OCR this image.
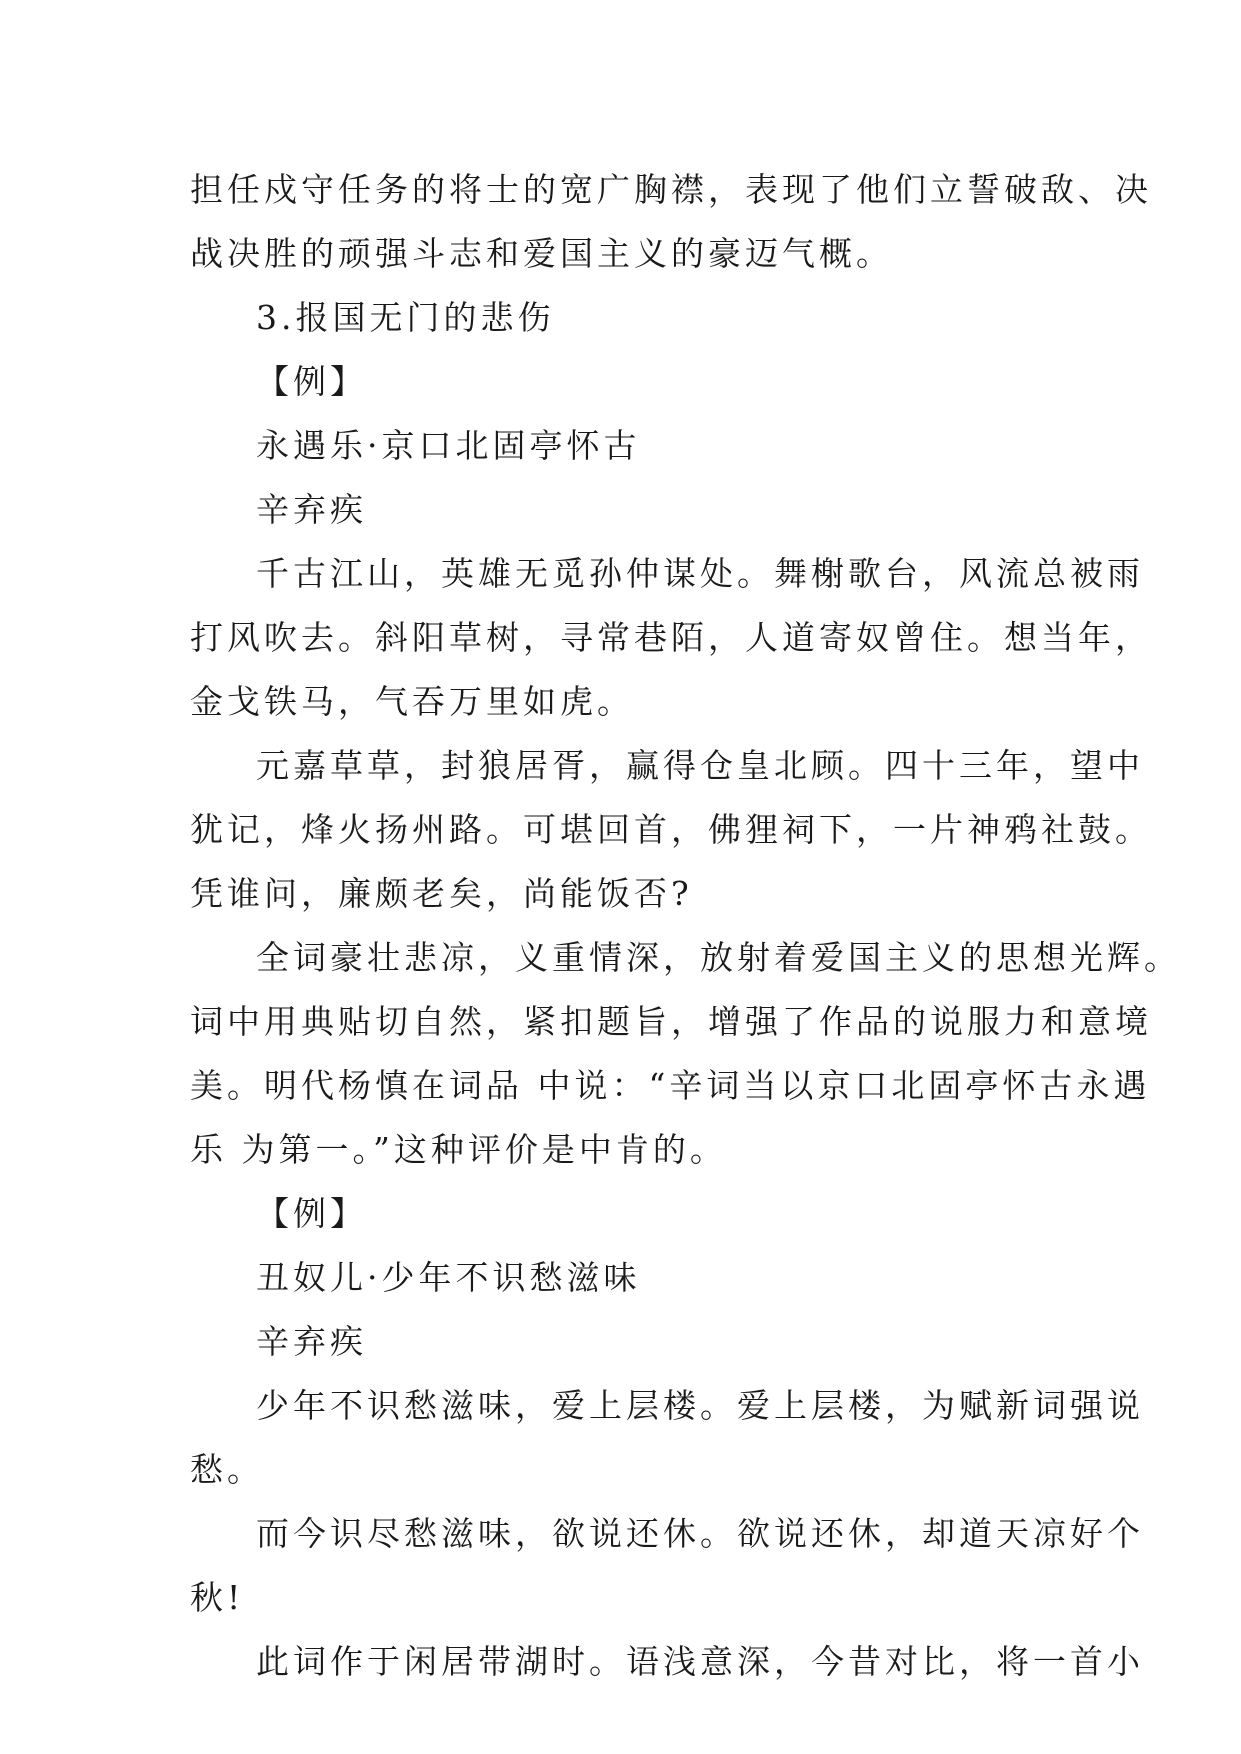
担任戍守任务的将士的宽广胸襟，表现了他们立誓破敌、决
战决胜的顽强斗志和爱国主义的豪迈气概。
3.报国无门的悲伤
【例】
永遇乐·京口北固亭怀古
辛弃疾
千古江山，英雄无觅孙仲谋处。舞榭歌台，风流总被雨
打风吹去。斜阳草树，寻常巷陌，人道寄奴曾住。想当年，
金戈铁马，气吞万里如虎。
元嘉草草，封狼居胥，赢得仓皇北顾。四十三年，望中
犹记，烽火扬州路。可堪回首，佛狸祠下，一片神鸦社鼓。
凭谁问，廉颇老矣，尚能饭否?
全词豪壮悲凉，义重情深，放射着爱国主义的思想光辉。
词中用典贴切自然，紧扣题旨，增强了作品的说服力和意境
美。明代杨慎在词品 中说：“辛词当以京口北固亭怀古永遇
乐 为第一。”这种评价是中肯的。
【例】
丑奴儿·少年不识愁滋味
辛弃疾
少年不识愁滋味，爱上层楼。爱上层楼，为赋新词强说
愁。
而今识尽愁滋味，欲说还休。欲说还休，却道天凉好个
秋!
此词作于闲居带湖时。语浅意深，今昔对比，将一首小
